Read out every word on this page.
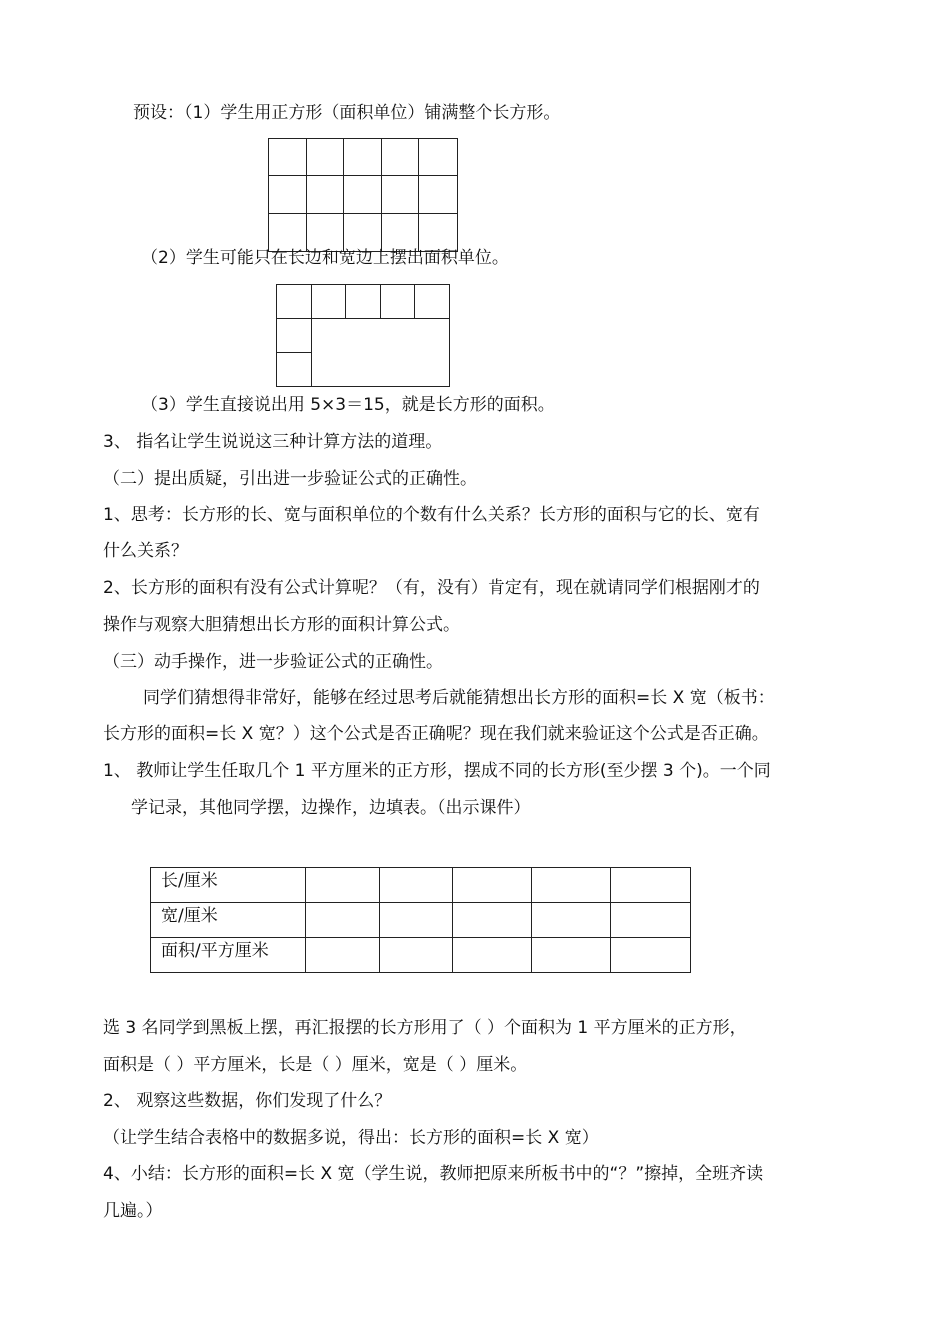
预设：（1）学生用正方形（面积单位）铺满整个长方形。

（2）学生可能只在长边和宽边上摆出面积单位。

（3）学生直接说出用 5×3＝15，就是长方形的面积。

3、 指名让学生说说这三种计算方法的道理。

（二）提出质疑，引出进一步验证公式的正确性。

1、思考：长方形的长、宽与面积单位的个数有什么关系？长方形的面积与它的长、宽有

什么关系？

2、长方形的面积有没有公式计算呢？（有，没有）肯定有，现在就请同学们根据刚才的

操作与观察大胆猜想出长方形的面积计算公式。

（三）动手操作，进一步验证公式的正确性。

同学们猜想得非常好，能够在经过思考后就能猜想出长方形的面积=长 X 宽（板书：

长方形的面积=长 X 宽？）这个公式是否正确呢？现在我们就来验证这个公式是否正确。

1、 教师让学生任取几个 1 平方厘米的正方形，摆成不同的长方形(至少摆 3 个)。一个同

学记录，其他同学摆，边操作，边填表。（出示课件）

长/厘米					
宽/厘米					
面积/平方厘米					

选 3 名同学到黑板上摆，再汇报摆的长方形用了（ ）个面积为 1 平方厘米的正方形，

面积是（ ）平方厘米，长是（ ）厘米，宽是（ ）厘米。

2、 观察这些数据，你们发现了什么？

（让学生结合表格中的数据多说，得出：长方形的面积=长 X 宽）

4、小结：长方形的面积=长 X 宽（学生说，教师把原来所板书中的“？”擦掉，全班齐读

几遍。）
